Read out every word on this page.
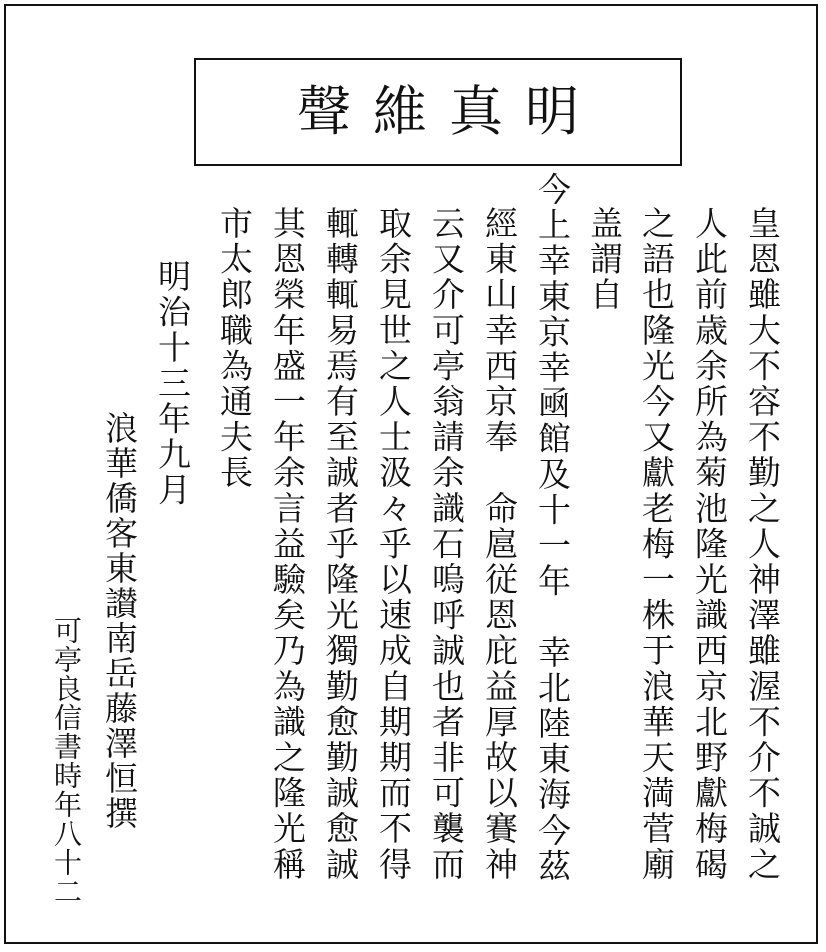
聲維真明
皇恩雖大不容不勤之人神澤雖渥不介不誠之
人此前歳余所為菊池隆光識西京北野獻梅碣
之語也隆光今又獻老梅一株于浪華天満菅廟
盖謂自
今上幸東京幸凾館及十一年　幸北陸東海今茲
經東山幸西京奉　命扈従恩庇益厚故以賽神
云又介可亭翁請余識石嗚呼誠也者非可襲而
取余見世之人士汲々乎以速成自期期而不得
輒轉輒易焉有至誠者乎隆光獨勤愈勤誠愈誠
其恩榮年盛一年余言益驗矣乃為識之隆光稱
市太郎職為通夫長
明治十三年九月
浪華僑客東讃南岳藤澤恒撰
可亭良信書時年八十二
